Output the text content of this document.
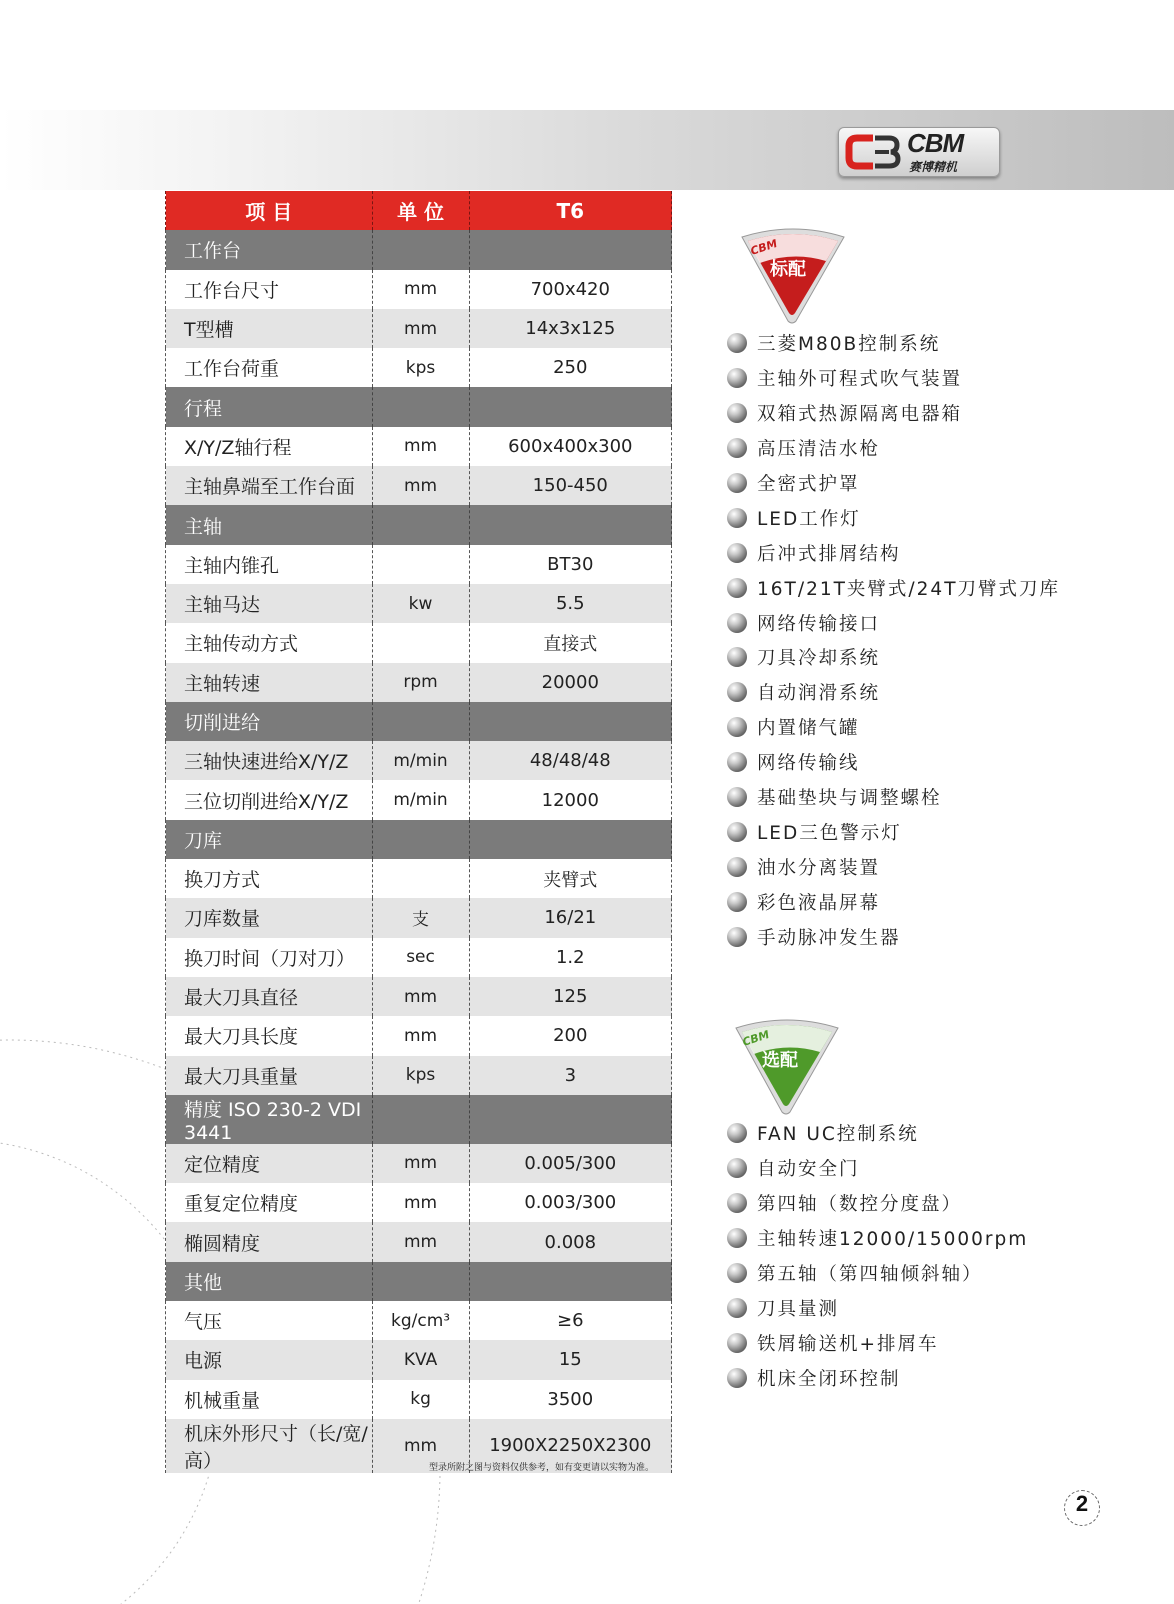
CBM
赛博精机
项 目	单 位	T6
工作台		
工作台尺寸	mm	700x420
T型槽	mm	14x3x125
工作台荷重	kps	250
行程		
X/Y/Z轴行程	mm	600x400x300
主轴鼻端至工作台面	mm	150-450
主轴		
主轴内锥孔		BT30
主轴马达	kw	5.5
主轴传动方式		直接式
主轴转速	rpm	20000
切削进给		
三轴快速进给X/Y/Z	m/min	48/48/48
三位切削进给X/Y/Z	m/min	12000
刀库		
换刀方式		夹臂式
刀库数量	支	16/21
换刀时间（刀对刀）	sec	1.2
最大刀具直径	mm	125
最大刀具长度	mm	200
最大刀具重量	kps	3
精度 ISO 230-2 VDI 3441		
定位精度	mm	0.005/300
重复定位精度	mm	0.003/300
椭圆精度	mm	0.008
其他		
气压	kg/cm³	≥6
电源	KVA	15
机械重量	kg	3500
机床外形尺寸（长/宽/高）	mm	1900X2250X2300
型录所附之图与资料仅供参考，如有变更请以实物为准。
CBM
标配
三菱M80B控制系统
主轴外可程式吹气装置
双箱式热源隔离电器箱
高压清洁水枪
全密式护罩
LED工作灯
后冲式排屑结构
16T/21T夹臂式/24T刀臂式刀库
网络传输接口
刀具冷却系统
自动润滑系统
内置储气罐
网络传输线
基础垫块与调整螺栓
LED三色警示灯
油水分离装置
彩色液晶屏幕
手动脉冲发生器
CBM
选配
FAN UC控制系统
自动安全门
第四轴（数控分度盘）
主轴转速12000/15000rpm
第五轴（第四轴倾斜轴）
刀具量测
铁屑输送机+排屑车
机床全闭环控制
2
